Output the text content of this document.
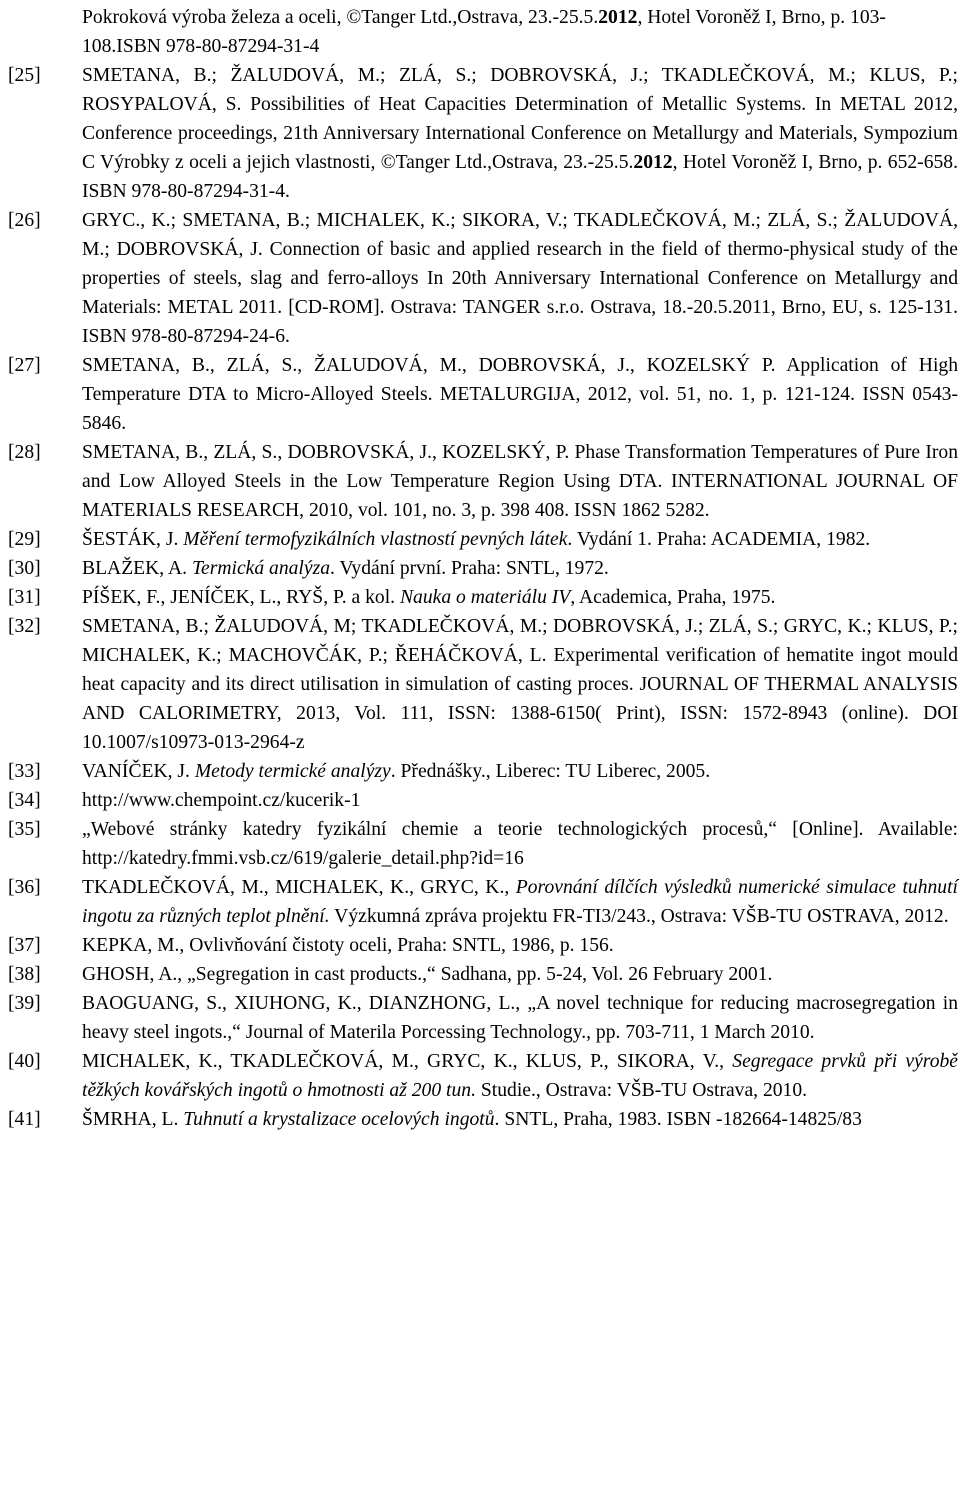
Pokroková výroba železa a oceli, ©Tanger Ltd.,Ostrava, 23.-25.5.2012, Hotel Voroněž I, Brno, p. 103-108.ISBN 978-80-87294-31-4
[25]	SMETANA, B.; ŽALUDOVÁ, M.; ZLÁ, S.; DOBROVSKÁ, J.; TKADLEČKOVÁ, M.; KLUS, P.; ROSYPALOVÁ, S. Possibilities of Heat Capacities Determination of Metallic Systems. In METAL 2012, Conference proceedings, 21th Anniversary International Conference on Metallurgy and Materials, Sympozium C Výrobky z oceli a jejich vlastnosti, ©Tanger Ltd.,Ostrava, 23.-25.5.2012, Hotel Voroněž I, Brno, p. 652-658. ISBN 978-80-87294-31-4.
[26]	GRYC., K.; SMETANA, B.; MICHALEK, K.; SIKORA, V.; TKADLEČKOVÁ, M.; ZLÁ, S.; ŽALUDOVÁ, M.; DOBROVSKÁ, J. Connection of basic and applied research in the field of thermo-physical study of the properties of steels, slag and ferro-alloys In 20th Anniversary International Conference on Metallurgy and Materials: METAL 2011. [CD-ROM]. Ostrava: TANGER s.r.o. Ostrava, 18.-20.5.2011, Brno, EU, s. 125-131. ISBN 978-80-87294-24-6.
[27]	SMETANA, B., ZLÁ, S., ŽALUDOVÁ, M., DOBROVSKÁ, J., KOZELSKÝ P. Application of High Temperature DTA to Micro-Alloyed Steels. METALURGIJA, 2012, vol. 51, no. 1, p. 121-124. ISSN 0543-5846.
[28]	SMETANA, B., ZLÁ, S., DOBROVSKÁ, J., KOZELSKÝ, P. Phase Transformation Temperatures of Pure Iron and Low Alloyed Steels in the Low Temperature Region Using DTA. INTERNATIONAL JOURNAL OF MATERIALS RESEARCH, 2010, vol. 101, no. 3, p. 398 408. ISSN 1862 5282.
[29]	ŠESTÁK, J. Měření termofyzikálních vlastností pevných látek. Vydání 1. Praha: ACADEMIA, 1982.
[30]	BLAŽEK, A. Termická analýza. Vydání první. Praha: SNTL, 1972.
[31]	PÍŠEK, F., JENÍČEK, L., RYŠ, P. a kol. Nauka o materiálu IV, Academica, Praha, 1975.
[32]	SMETANA, B.; ŽALUDOVÁ, M; TKADLEČKOVÁ, M.; DOBROVSKÁ, J.; ZLÁ, S.; GRYC, K.; KLUS, P.; MICHALEK, K.; MACHOVČÁK, P.; ŘEHÁČKOVÁ, L. Experimental verification of hematite ingot mould heat capacity and its direct utilisation in simulation of casting proces. JOURNAL OF THERMAL ANALYSIS AND CALORIMETRY, 2013, Vol. 111, ISSN: 1388-6150( Print), ISSN: 1572-8943 (online). DOI 10.1007/s10973-013-2964-z
[33]	VANÍČEK, J. Metody termické analýzy. Přednášky., Liberec: TU Liberec, 2005.
[34]	http://www.chempoint.cz/kucerik-1
[35]	„Webové stránky katedry fyzikální chemie a teorie technologických procesů,“ [Online]. Available: http://katedry.fmmi.vsb.cz/619/galerie_detail.php?id=16
[36]	TKADLEČKOVÁ, M., MICHALEK, K., GRYC, K., Porovnání dílčích výsledků numerické simulace tuhnutí ingotu za různých teplot plnění. Výzkumná zpráva projektu FR-TI3/243., Ostrava: VŠB-TU OSTRAVA, 2012.
[37]	KEPKA, M., Ovlivňování čistoty oceli, Praha: SNTL, 1986, p. 156.
[38]	GHOSH, A., „Segregation in cast products.,“ Sadhana, pp. 5-24, Vol. 26 February 2001.
[39]	BAOGUANG, S., XIUHONG, K., DIANZHONG, L., „A novel technique for reducing macrosegregation in heavy steel ingots.,“ Journal of Materila Porcessing Technology., pp. 703-711, 1 March 2010.
[40]	MICHALEK, K., TKADLEČKOVÁ, M., GRYC, K., KLUS, P., SIKORA, V., Segregace prvků při výrobě těžkých kovářských ingotů o hmotnosti až 200 tun. Studie., Ostrava: VŠB-TU Ostrava, 2010.
[41]	ŠMRHA, L. Tuhnutí a krystalizace ocelových ingotů. SNTL, Praha, 1983. ISBN -182664-14825/83
